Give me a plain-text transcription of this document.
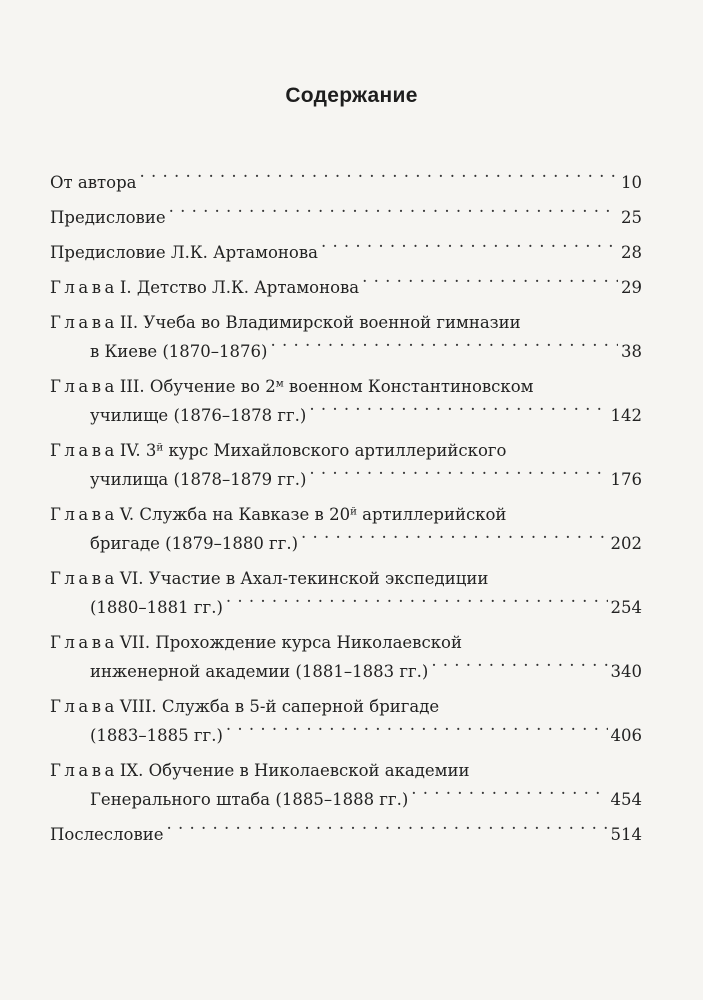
Содержание
От автора . . .	10
Предисловие . . .	25
Предисловие Л.К. Артамонова . . .	28
Глава I. Детство Л.К. Артамонова . . .	29
Глава II. Учеба во Владимирской военной гимназии
в Киеве (1870–1876) . . .	38
Глава III. Обучение во $2^м$ военном Константиновском
училище (1876–1878 гг.) . . .	142
Глава IV. $3^й$ курс Михайловского артиллерийского
училища (1878–1879 гг.) . . .	176
Глава V. Служба на Кавказе в $20^й$ артиллерийской
бригаде (1879–1880 гг.) . . .	202
Глава VI. Участие в Ахал-текинской экспедиции
(1880–1881 гг.) . . .	254
Глава VII. Прохождение курса Николаевской
инженерной академии (1881–1883 гг.) . . .	340
Глава VIII. Служба в 5-й саперной бригаде
(1883–1885 гг.) . . .	406
Глава IX. Обучение в Николаевской академии
Генерального штаба (1885–1888 гг.) . . .	454
Послесловие . . .	514
